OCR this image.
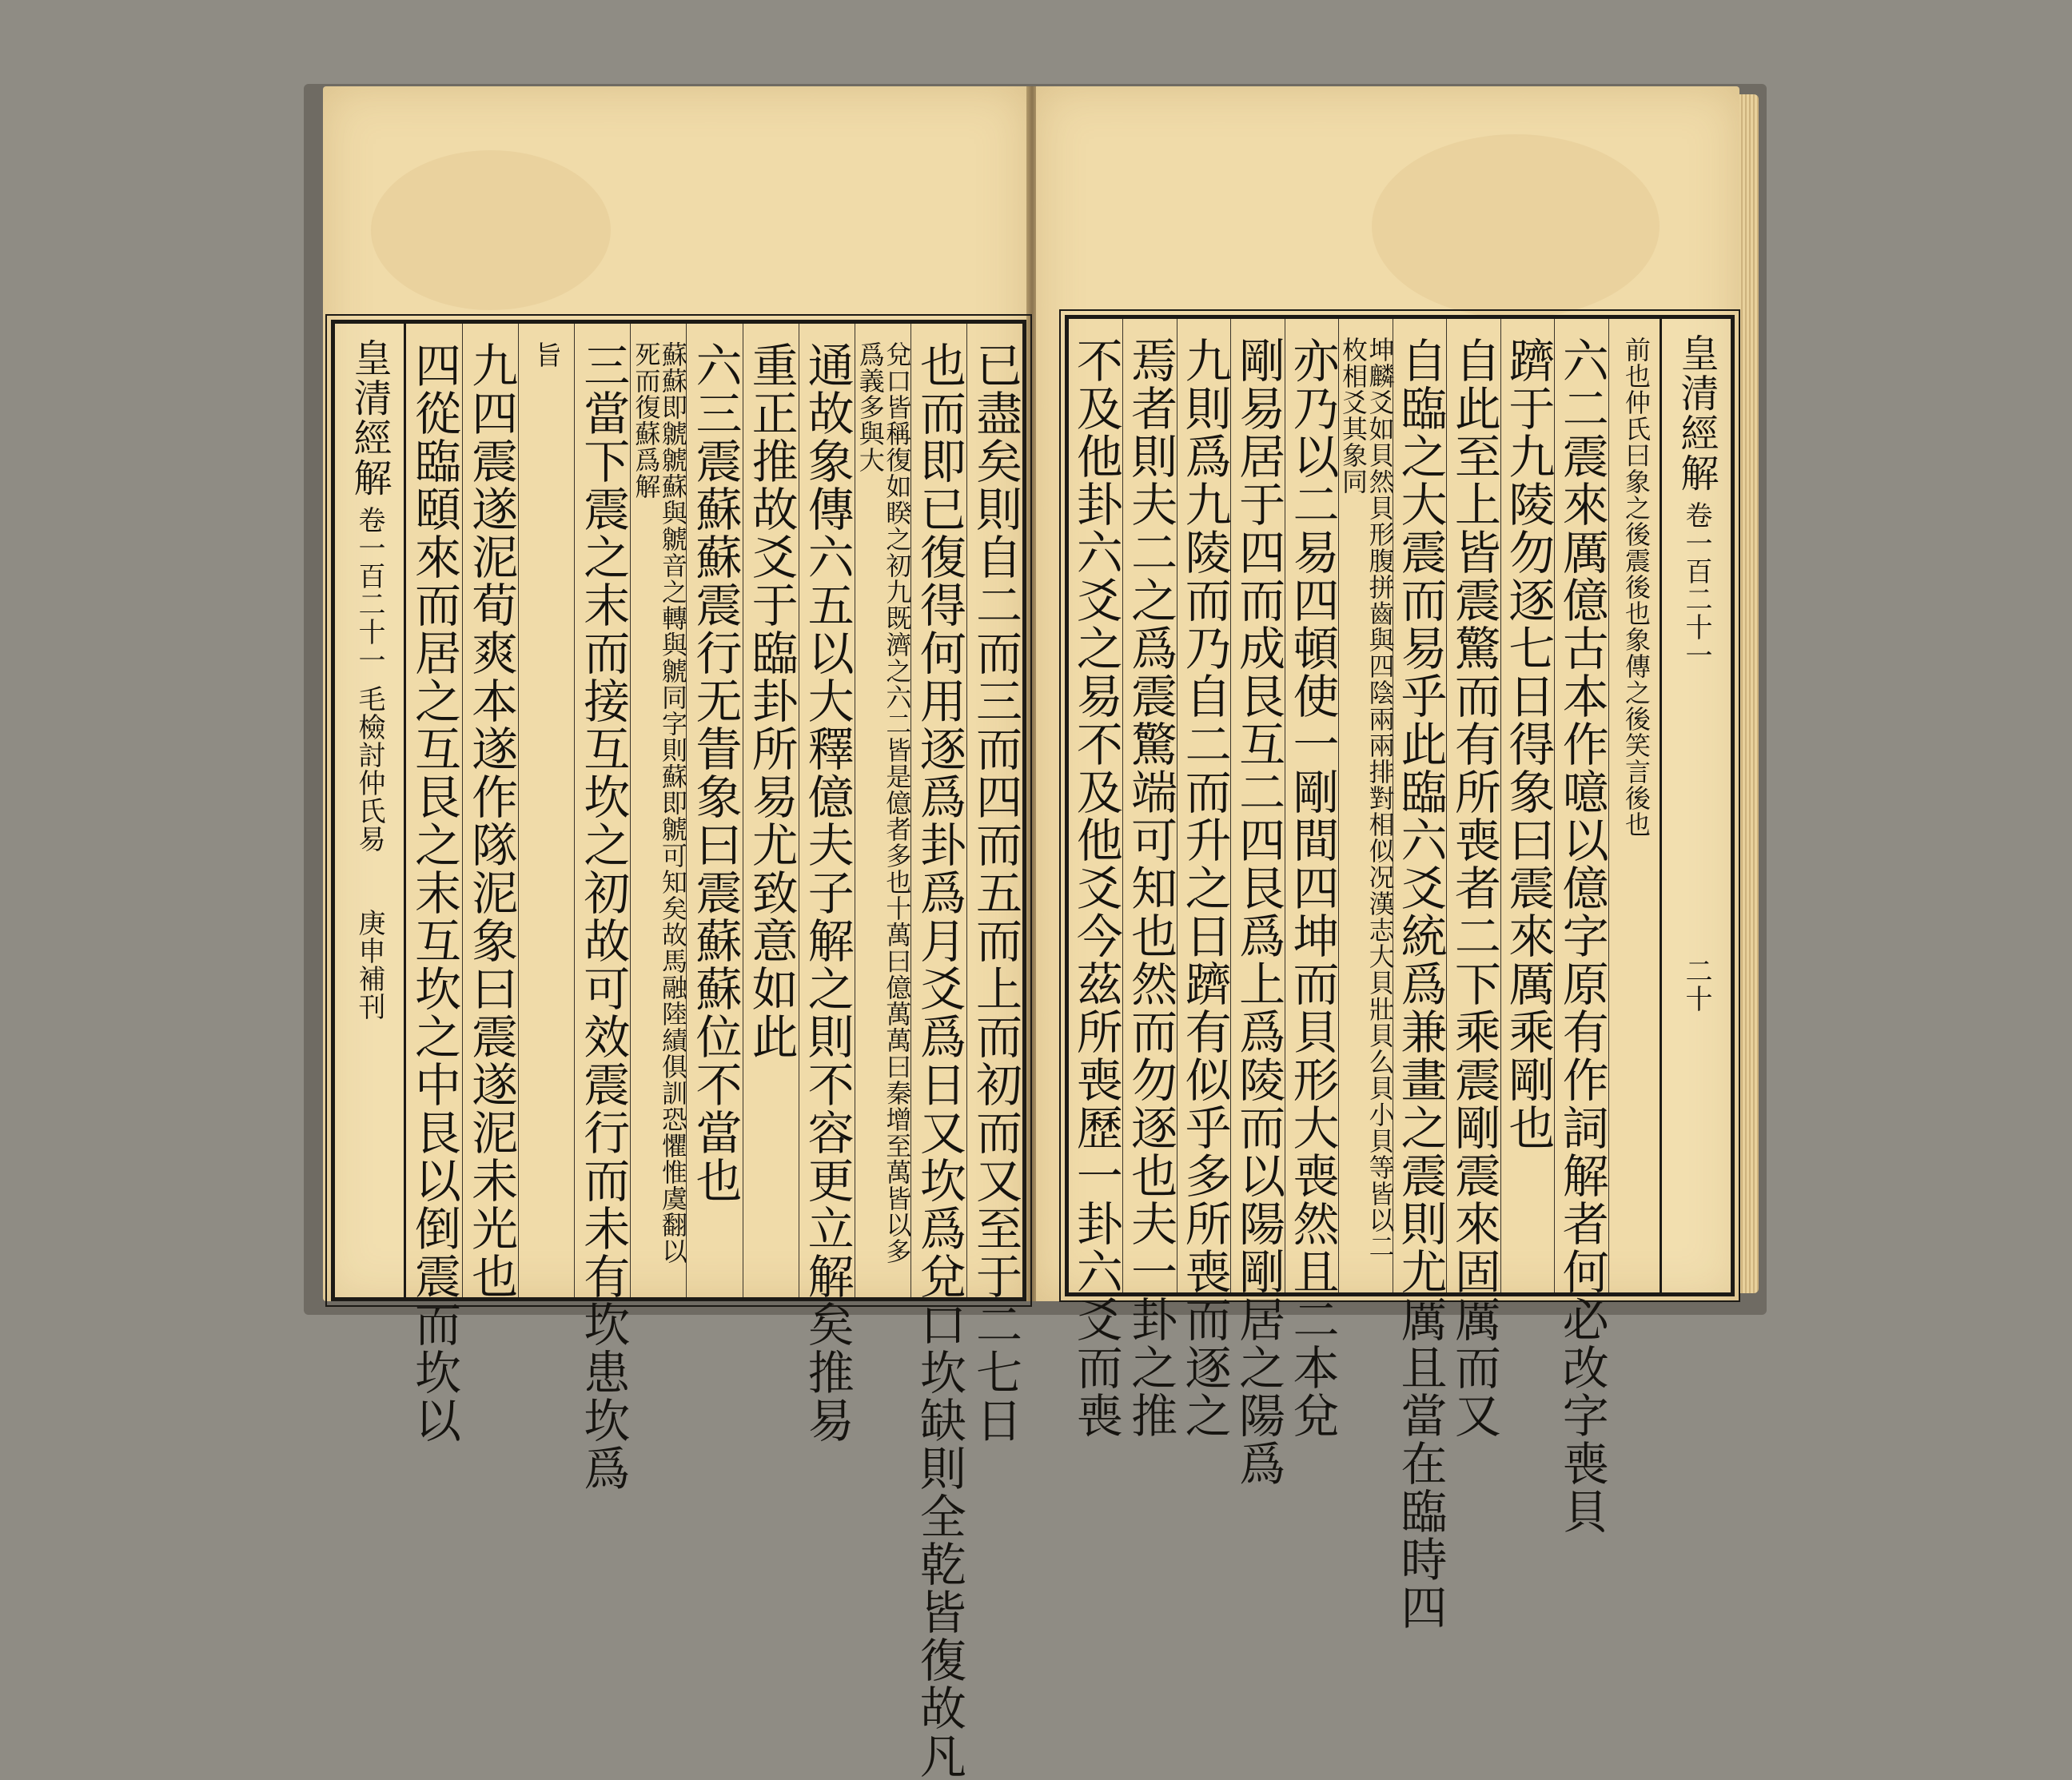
皇清經解
卷一百二十一
毛檢討仲氏易
庚申補刊 四從臨頤來而居之互艮之末互坎之中艮以倒震而坎以 九四震遂泥荀爽本遂作隊泥象曰震遂泥未光也 旨 三當下震之末而接互坎之初故可效震行而未有坎患坎爲	蘇蘇即虩虩蘇與虩音之轉與虩同字則蘇即虩可知矣故馬融陸績俱訓恐懼惟虞翻以死而復蘇爲解 六三震蘇蘇震行无眚象曰震蘇蘇位不當也 重正推故爻于臨卦所易尤致意如此 通故象傳六五以大釋億夫子解之則不容更立解矣推易	兌口皆稱復如睽之初九既濟之六二皆是億者多也十萬曰億萬萬曰秦增至萬皆以多爲義多與大 也而即已復得何用逐爲卦爲月爻爲日又坎爲兌口坎缺則全乾皆復故凡 已盡矣則自二而三而四而五而上而初而又至于二七日 不及他卦六爻之易不及他爻今茲所喪歷一卦六爻而喪 焉者則夫二之爲震驚端可知也然而勿逐也夫一卦之推 九則爲九陵而乃自二而升之日躋有似乎多所喪而逐之 剛易居于四而成艮互二四艮爲上爲陵而以陽剛居之陽爲 亦乃以二易四頓使一剛間四坤而貝形大喪然且二本兌	坤麟爻如貝然貝形腹拼齒與四陰兩兩排對相似况漢志大貝壯貝么貝小貝等皆以二枚相爻其象同 自臨之大震而易乎此臨六爻統爲兼畫之震則尤厲且當在臨時四 自此至上皆震驚而有所喪者二下乘震剛震來固厲而又 躋于九陵勿逐七日得象曰震來厲乘剛也 六二震來厲億古本作噫以億字原有作詞解者何必改字喪貝 前也仲氏曰象之後震後也象傳之後笑言後也 皇清經解
卷一百二十一
二十
